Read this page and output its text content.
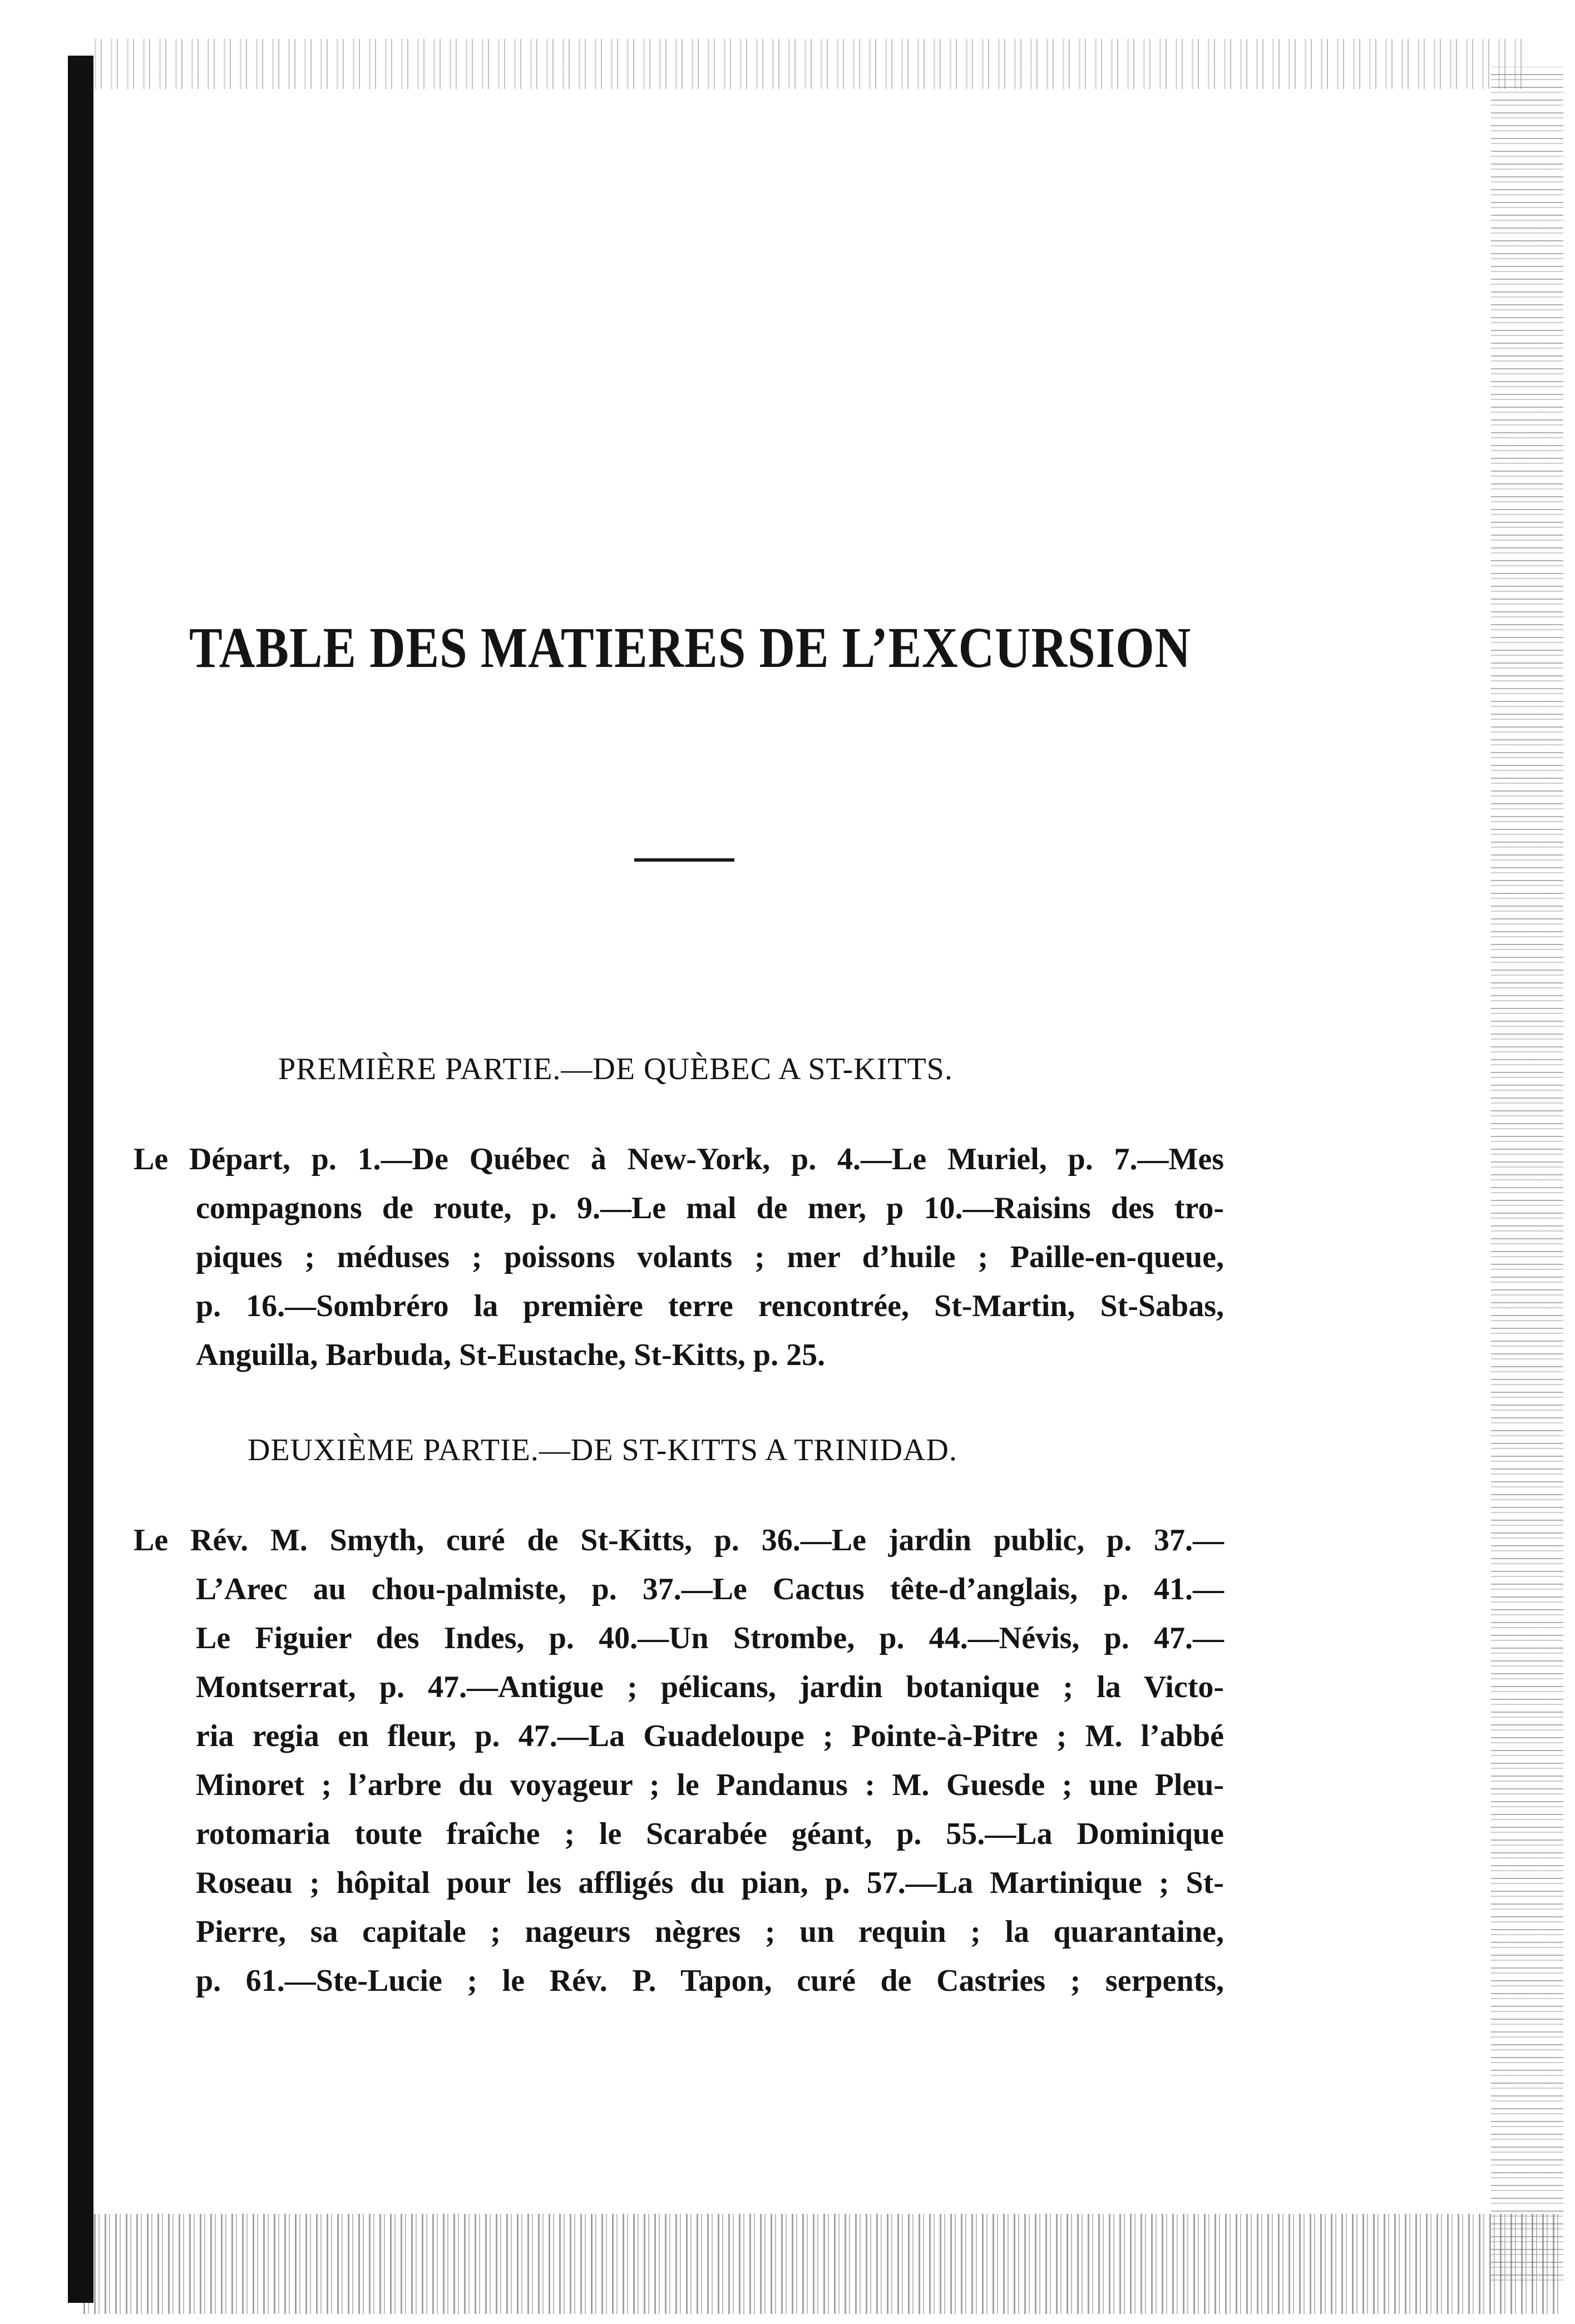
TABLE DES MATIERES DE L’EXCURSION
PREMIÈRE PARTIE.—DE QUÈBEC A ST-KITTS.
Le Départ, p. 1.—De Québec à New-York, p. 4.—Le Muriel, p. 7.—Mes
compagnons de route, p. 9.—Le mal de mer, p 10.—Raisins des tro-
piques ; méduses ; poissons volants ; mer d’huile ; Paille-en-queue,
p. 16.—Sombréro la première terre rencontrée, St-Martin, St-Sabas,
Anguilla, Barbuda, St-Eustache, St-Kitts, p. 25.
DEUXIÈME PARTIE.—DE ST-KITTS A TRINIDAD.
Le Rév. M. Smyth, curé de St-Kitts, p. 36.—Le jardin public, p. 37.—
L’Arec au chou-palmiste, p. 37.—Le Cactus tête-d’anglais, p. 41.—
Le Figuier des Indes, p. 40.—Un Strombe, p. 44.—Névis, p. 47.—
Montserrat, p. 47.—Antigue ; pélicans, jardin botanique ; la Victo-
ria regia en fleur, p. 47.—La Guadeloupe ; Pointe-à-Pitre ; M. l’abbé
Minoret ; l’arbre du voyageur ; le Pandanus : M. Guesde ; une Pleu-
rotomaria toute fraîche ; le Scarabée géant, p. 55.—La Dominique
Roseau ; hôpital pour les affligés du pian, p. 57.—La Martinique ; St-
Pierre, sa capitale ; nageurs nègres ; un requin ; la quarantaine,
p. 61.—Ste-Lucie ; le Rév. P. Tapon, curé de Castries ; serpents,
